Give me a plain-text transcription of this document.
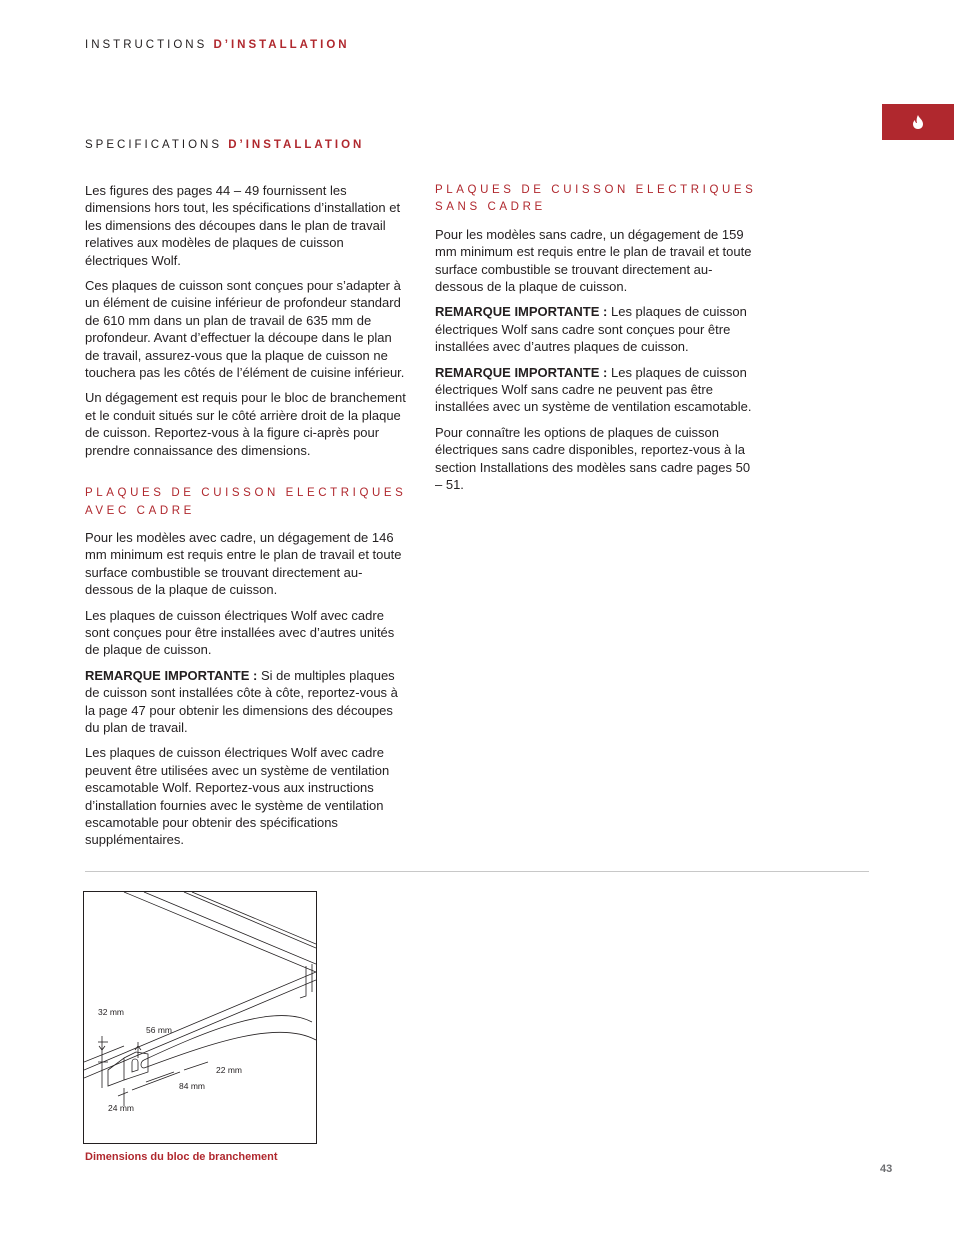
INSTRUCTIONS D’INSTALLATION
SPECIFICATIONS D’INSTALLATION

Les figures des pages 44 – 49 fournissent les dimensions hors tout, les spécifications d’installation et les dimensions des découpes dans le plan de travail relatives aux modèles de plaques de cuisson électriques Wolf.

Ces plaques de cuisson sont conçues pour s’adapter à un élément de cuisine inférieur de profondeur standard de 610 mm dans un plan de travail de 635 mm de profondeur. Avant d’effectuer la découpe dans le plan de travail, assurez-vous que la plaque de cuisson ne touchera pas les côtés de l’élément de cuisine inférieur.

Un dégagement est requis pour le bloc de branchement et le conduit situés sur le côté arrière droit de la plaque de cuisson. Reportez-vous à la figure ci-après pour prendre connaissance des dimensions.

PLAQUES DE CUISSON ELECTRIQUES AVEC CADRE

Pour les modèles avec cadre, un dégagement de 146 mm minimum est requis entre le plan de travail et toute surface combustible se trouvant directement au-dessous de la plaque de cuisson.

Les plaques de cuisson électriques Wolf avec cadre sont conçues pour être installées avec d’autres unités de plaque de cuisson.

REMARQUE IMPORTANTE : Si de multiples plaques de cuisson sont installées côte à côte, reportez-vous à la page 47 pour obtenir les dimensions des découpes du plan de travail.

Les plaques de cuisson électriques Wolf avec cadre peuvent être utilisées avec un système de ventilation escamotable Wolf. Reportez-vous aux instructions d’installation fournies avec le système de ventilation escamotable pour obtenir des spécifications supplémentaires.

PLAQUES DE CUISSON ELECTRIQUES SANS CADRE

Pour les modèles sans cadre, un dégagement de 159 mm minimum est requis entre le plan de travail et toute surface combustible se trouvant directement au-dessous de la plaque de cuisson.

REMARQUE IMPORTANTE : Les plaques de cuisson électriques Wolf sans cadre sont conçues pour être installées avec d’autres plaques de cuisson.

REMARQUE IMPORTANTE : Les plaques de cuisson électriques Wolf sans cadre ne peuvent pas être installées avec un système de ventilation escamotable.

Pour connaître les options de plaques de cuisson électriques sans cadre disponibles, reportez-vous à la section Installations des modèles sans cadre pages 50 – 51.

32 mm
56 mm
22 mm
84 mm
24 mm
Dimensions du bloc de branchement
43
